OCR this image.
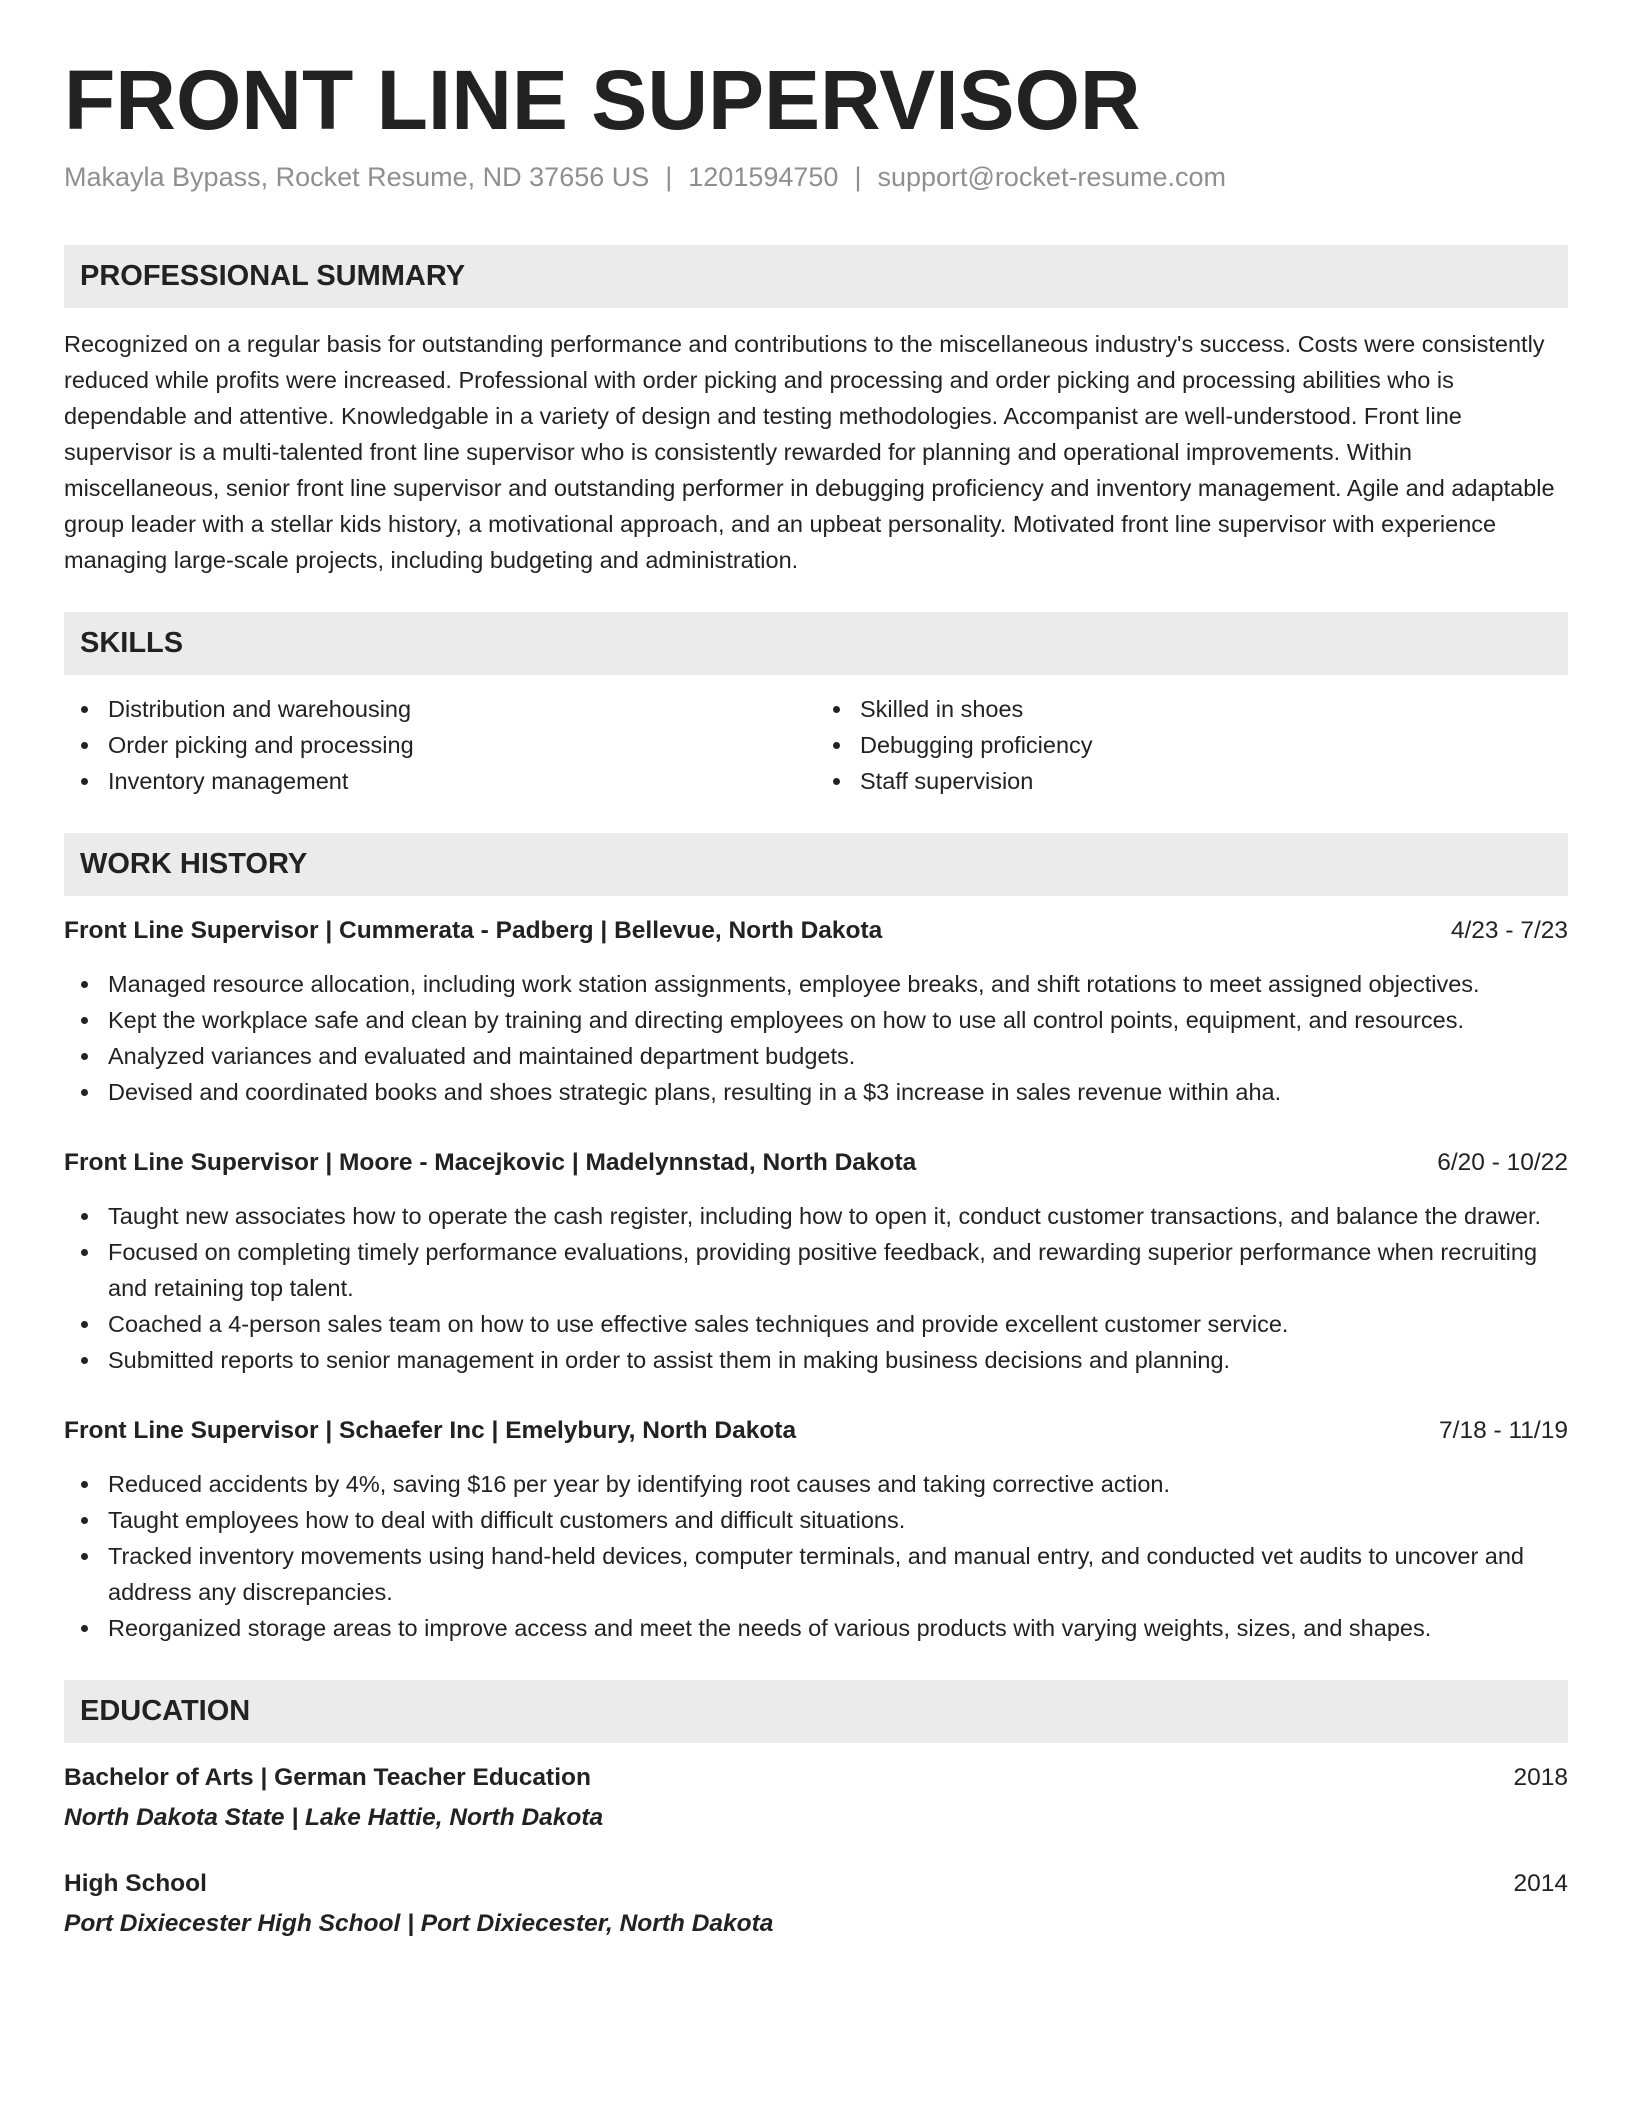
FRONT LINE SUPERVISOR
Makayla Bypass, Rocket Resume, ND 37656 US | 1201594750 | support@rocket-resume.com
PROFESSIONAL SUMMARY

Recognized on a regular basis for outstanding performance and contributions to the miscellaneous industry's success. Costs were consistently reduced while profits were increased. Professional with order picking and processing and order picking and processing abilities who is dependable and attentive. Knowledgable in a variety of design and testing methodologies. Accompanist are well-understood. Front line supervisor is a multi-talented front line supervisor who is consistently rewarded for planning and operational improvements. Within miscellaneous, senior front line supervisor and outstanding performer in debugging proficiency and inventory management. Agile and adaptable group leader with a stellar kids history, a motivational approach, and an upbeat personality. Motivated front line supervisor with experience managing large-scale projects, including budgeting and administration.

SKILLS
Distribution and warehousing
Order picking and processing
Inventory management
Skilled in shoes
Debugging proficiency
Staff supervision
WORK HISTORY
Front Line Supervisor | Cummerata - Padberg | Bellevue, North Dakota	4/23 - 7/23
Managed resource allocation, including work station assignments, employee breaks, and shift rotations to meet assigned objectives.
Kept the workplace safe and clean by training and directing employees on how to use all control points, equipment, and resources.
Analyzed variances and evaluated and maintained department budgets.
Devised and coordinated books and shoes strategic plans, resulting in a $3 increase in sales revenue within aha.
Front Line Supervisor | Moore - Macejkovic | Madelynnstad, North Dakota	6/20 - 10/22
Taught new associates how to operate the cash register, including how to open it, conduct customer transactions, and balance the drawer.
Focused on completing timely performance evaluations, providing positive feedback, and rewarding superior performance when recruiting and retaining top talent.
Coached a 4-person sales team on how to use effective sales techniques and provide excellent customer service.
Submitted reports to senior management in order to assist them in making business decisions and planning.
Front Line Supervisor | Schaefer Inc | Emelybury, North Dakota	7/18 - 11/19
Reduced accidents by 4%, saving $16 per year by identifying root causes and taking corrective action.
Taught employees how to deal with difficult customers and difficult situations.
Tracked inventory movements using hand-held devices, computer terminals, and manual entry, and conducted vet audits to uncover and address any discrepancies.
Reorganized storage areas to improve access and meet the needs of various products with varying weights, sizes, and shapes.
EDUCATION
Bachelor of Arts | German Teacher Education	2018
North Dakota State | Lake Hattie, North Dakota
High School	2014
Port Dixiecester High School | Port Dixiecester, North Dakota
